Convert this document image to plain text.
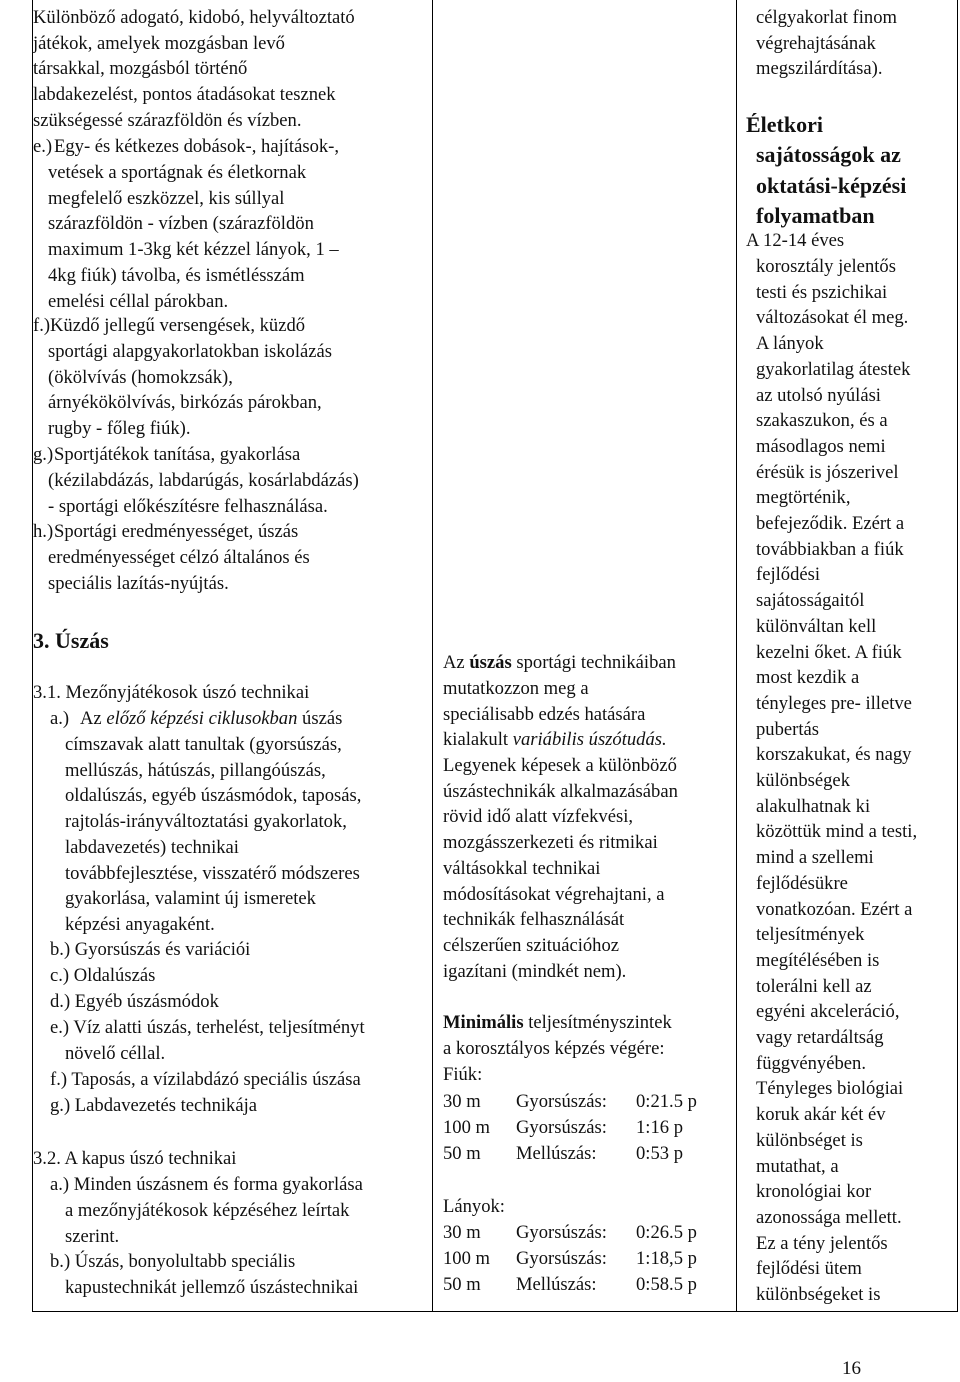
Különböző adogató, kidobó, helyváltoztató
játékok, amelyek mozgásban levő
társakkal, mozgásból történő
labdakezelést, pontos átadásokat tesznek
szükségessé szárazföldön és vízben.
e.) Egy- és kétkezes dobások-, hajítások-,
vetések a sportágnak és életkornak
megfelelő eszközzel, kis súllyal
szárazföldön - vízben (szárazföldön
maximum 1-3kg két kézzel lányok, 1 –
4kg fiúk) távolba, és ismétlésszám
emelési céllal párokban.
f.) Küzdő jellegű versengések, küzdő
sportági alapgyakorlatokban iskolázás
(ökölvívás (homokzsák),
árnyékökölvívás, birkózás párokban,
rugby - főleg fiúk).
g.) Sportjátékok tanítása, gyakorlása
(kézilabdázás, labdarúgás, kosárlabdázás)
- sportági előkészítésre felhasználása.
h.) Sportági eredményességet, úszás
eredményességet célzó általános és
speciális lazítás-nyújtás.
3. Úszás
3.1. Mezőnyjátékosok úszó technikai
a.) Az előző képzési ciklusokban úszás
címszavak alatt tanultak (gyorsúszás,
mellúszás, hátúszás, pillangóúszás,
oldalúszás, egyéb úszásmódok, taposás,
rajtolás-irányváltoztatási gyakorlatok,
labdavezetés) technikai
továbbfejlesztése, visszatérő módszeres
gyakorlása, valamint új ismeretek
képzési anyagaként.
b.) Gyorsúszás és variációi
c.) Oldalúszás
d.) Egyéb úszásmódok
e.) Víz alatti úszás, terhelést, teljesítményt
növelő céllal.
f.) Taposás, a vízilabdázó speciális úszása
g.) Labdavezetés technikája
3.2. A kapus úszó technikai
a.) Minden úszásnem és forma gyakorlása
a mezőnyjátékosok képzéséhez leírtak
szerint.
b.) Úszás, bonyolultabb speciális
kapustechnikát jellemző úszástechnikai
Az úszás sportági technikáiban
mutatkozzon meg a
speciálisabb edzés hatására
kialakult variábilis úszótudás.
Legyenek képesek a különböző
úszástechnikák alkalmazásában
rövid idő alatt vízfekvési,
mozgásszerkezeti és ritmikai
váltásokkal technikai
módosításokat végrehajtani, a
technikák felhasználását
célszerűen szituációhoz
igazítani (mindkét nem).
Minimális teljesítményszintek
a korosztályos képzés végére:
Fiúk:
30 m Gyorsúszás: 0:21.5 p
100 m Gyorsúszás: 1:16 p
50 m Mellúszás: 0:53 p
Lányok:
30 m Gyorsúszás: 0:26.5 p
100 m Gyorsúszás: 1:18,5 p
50 m Mellúszás: 0:58.5 p
célgyakorlat finom
végrehajtásának
megszilárdítása).
Életkori
sajátosságok az
oktatási-képzési
folyamatban
A 12-14 éves
korosztály jelentős
testi és pszichikai
változásokat él meg.
A lányok
gyakorlatilag átestek
az utolsó nyúlási
szakaszukon, és a
másodlagos nemi
érésük is jószerivel
megtörténik,
befejeződik. Ezért a
továbbiakban a fiúk
fejlődési
sajátosságaitól
különváltan kell
kezelni őket. A fiúk
most kezdik a
tényleges pre- illetve
pubertás
korszakukat, és nagy
különbségek
alakulhatnak ki
közöttük mind a testi,
mind a szellemi
fejlődésükre
vonatkozóan. Ezért a
teljesítmények
megítélésében is
tolerálni kell az
egyéni akceleráció,
vagy retardáltság
függvényében.
Tényleges biológiai
koruk akár két év
különbséget is
mutathat, a
kronológiai kor
azonossága mellett.
Ez a tény jelentős
fejlődési ütem
különbségeket is
16
